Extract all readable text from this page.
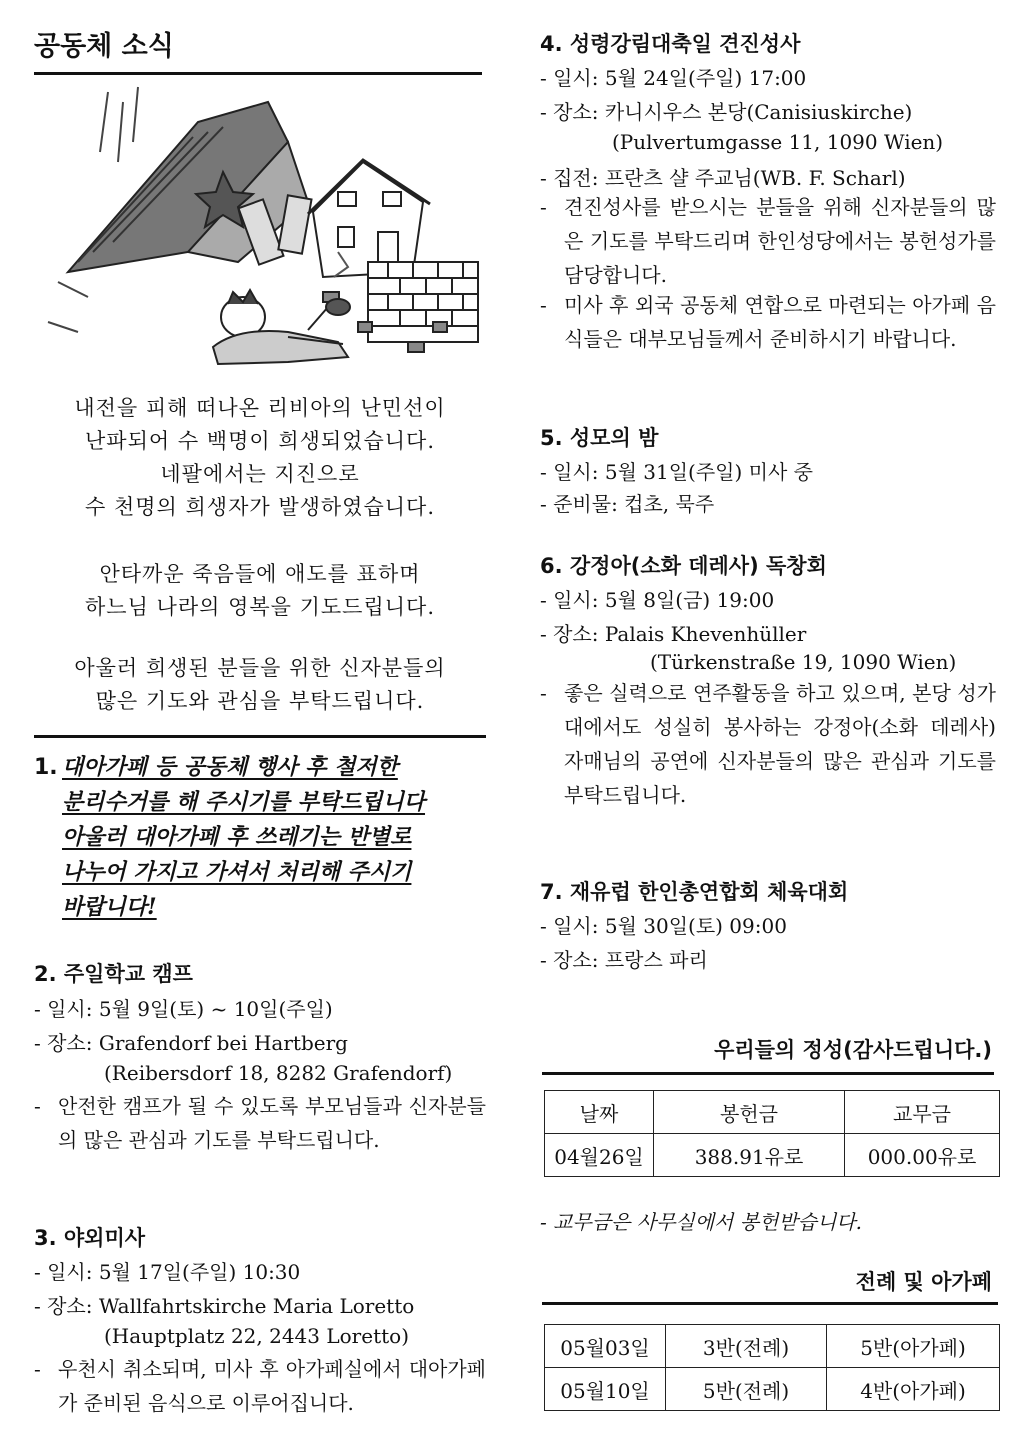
공동체 소식
내전을 피해 떠나온 리비아의 난민선이
난파되어 수 백명이 희생되었습니다.
네팔에서는 지진으로
수 천명의 희생자가 발생하였습니다.
안타까운 죽음들에 애도를 표하며
하느님 나라의 영복을 기도드립니다.
아울러 희생된 분들을 위한 신자분들의
많은 기도와 관심을 부탁드립니다.
1. 대아가페 등 공동체 행사 후 철저한
분리수거를 해 주시기를 부탁드립니다
아울러 대아가페 후 쓰레기는 반별로
나누어 가지고 가셔서 처리해 주시기
바랍니다!
2. 주일학교 캠프
- 일시: 5월 9일(토) ~ 10일(주일)
- 장소: Grafendorf bei Hartberg
(Reibersdorf 18, 8282 Grafendorf)
- 안전한 캠프가 될 수 있도록 부모님들과 신자분들의 많은 관심과 기도를 부탁드립니다.
3. 야외미사
- 일시: 5월 17일(주일) 10:30
- 장소: Wallfahrtskirche Maria Loretto
(Hauptplatz 22, 2443 Loretto)
- 우천시 취소되며, 미사 후 아가페실에서 대아가페가 준비된 음식으로 이루어집니다.
4. 성령강림대축일 견진성사
- 일시: 5월 24일(주일) 17:00
- 장소: 카니시우스 본당(Canisiuskirche)
(Pulvertumgasse 11, 1090 Wien)
- 집전: 프란츠 샬 주교님(WB. F. Scharl)
- 견진성사를 받으시는 분들을 위해 신자분들의 많은 기도를 부탁드리며 한인성당에서는 봉헌성가를 담당합니다.
- 미사 후 외국 공동체 연합으로 마련되는 아가페 음식들은 대부모님들께서 준비하시기 바랍니다.
5. 성모의 밤
- 일시: 5월 31일(주일) 미사 중
- 준비물: 컵초, 묵주
6. 강정아(소화 데레사) 독창회
- 일시: 5월 8일(금) 19:00
- 장소: Palais Khevenhüller
(Türkenstraße 19, 1090 Wien)
- 좋은 실력으로 연주활동을 하고 있으며, 본당 성가대에서도 성실히 봉사하는 강정아(소화 데레사) 자매님의 공연에 신자분들의 많은 관심과 기도를 부탁드립니다.
7. 재유럽 한인총연합회 체육대회
- 일시: 5월 30일(토) 09:00
- 장소: 프랑스 파리
우리들의 정성(감사드립니다.)
날짜	봉헌금	교무금
04월26일	388.91유로	000.00유로
- 교무금은 사무실에서 봉헌받습니다.
전례 및 아가페
05월03일	3반(전례)	5반(아가페)
05월10일	5반(전례)	4반(아가페)
